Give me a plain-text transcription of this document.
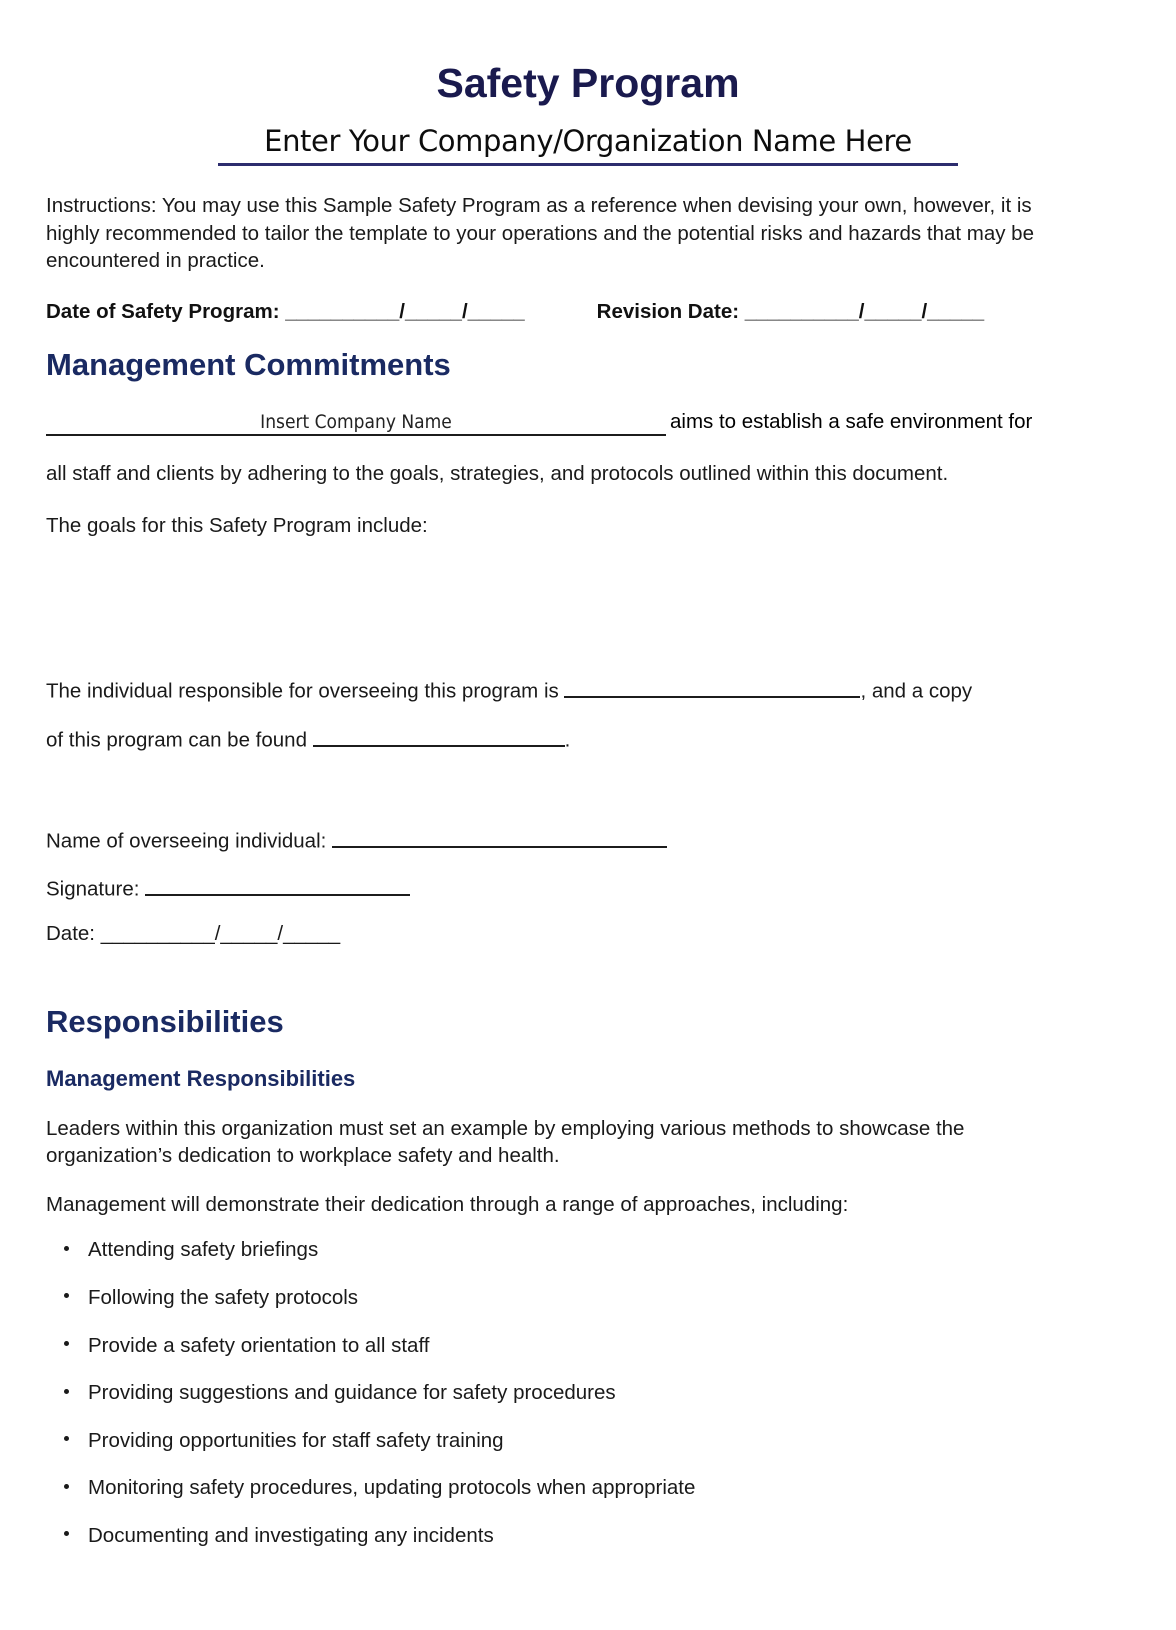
Safety Program
Enter Your Company/Organization Name Here

Instructions: You may use this Sample Safety Program as a reference when devising your own, however, it is highly recommended to tailor the template to your operations and the potential risks and hazards that may be encountered in practice.

Date of Safety Program: __________/_____/_____	Revision Date: __________/_____/_____
Management Commitments
Insert Company Name	aims to establish a safe environment for

all staff and clients by adhering to the goals, strategies, and protocols outlined within this document.

The goals for this Safety Program include:

The individual responsible for overseeing this program is	, and a copy
of this program can be found	.
Name of overseeing individual:
Signature:
Date: __________/_____/_____
Responsibilities
Management Responsibilities

Leaders within this organization must set an example by employing various methods to showcase the organization’s dedication to workplace safety and health.

Management will demonstrate their dedication through a range of approaches, including:

Attending safety briefings
Following the safety protocols
Provide a safety orientation to all staff
Providing suggestions and guidance for safety procedures
Providing opportunities for staff safety training
Monitoring safety procedures, updating protocols when appropriate
Documenting and investigating any incidents
